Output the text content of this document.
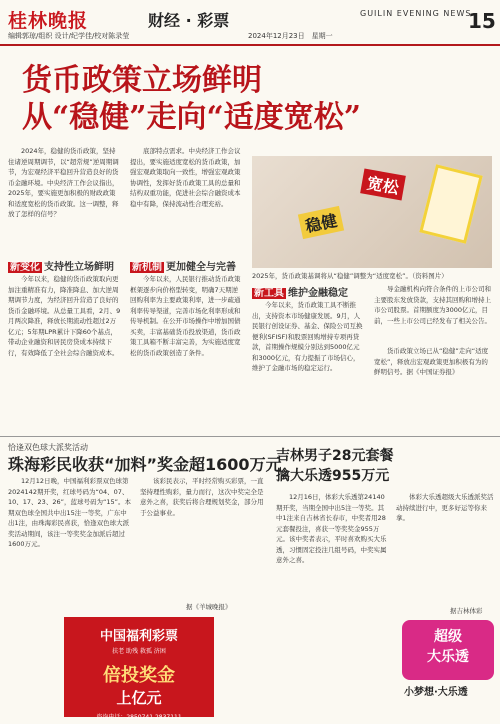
桂林晚报	财经 · 彩票
编辑郭琼/组织 设计/纪学佳/校对陈录莹	2024年12月23日　星期一
GUILIN EVENING NEWS
15
货币政策立场鲜明
从“稳健”走向“适度宽松”
2024年，稳健的货币政策，坚持住诸逆周期调节，以“超常规”逆周期调节，为宏观经济平稳回升营造良好的货币金融环境。中央经济工作会议指出，2025年，要实施更加积极的财政政策和适度宽松的货币政策。这一调整，释放了怎样的信号？
底部特点需求。中央经济工作会议提出，要实施适度宽松的货币政策，加强宏观政策取向一致性，增强宏观政策协调性，发挥好货币政策工具的总量和结构双重功能，促进社会综合融资成本稳中有降，保持流动性合理充裕。
新变化 支持性立场鲜明
今年以来，稳健的货币政策取向更加注重精准有力，降准降息、加大逆周期调节力度，为经济回升营造了良好的货币金融环境。从总量工具看，2月、9月两次降准，释放长期流动性超过2万亿元；5年期LPR累计下降60个基点，带动企业融资和居民房贷成本持续下行，有效降低了全社会综合融资成本。
新机制 更加健全与完善
今年以来，人民银行推动货币政策框架逐步向价格型转变，明确7天期逆回购利率为主要政策利率，进一步疏通利率传导渠道，完善市场化利率形成和传导机制。在公开市场操作中增加国债买卖，丰富基础货币投放渠道，货币政策工具箱不断丰富完善，为实施适度宽松的货币政策创造了条件。
宽松
稳健
2025年，货币政策基调将从“稳健”调整为“适度宽松”。（资料图片）
新工具 维护金融稳定
今年以来，货币政策工具不断推出，支持资本市场健康发展。9月，人民银行创设证券、基金、保险公司互换便利(SFISF)和股票回购增持专项再贷款，首期操作规模分别达到5000亿元和3000亿元，有力提振了市场信心，维护了金融市场的稳定运行。
导金融机构向符合条件的上市公司和主要股东发放贷款，支持其回购和增持上市公司股票。首期额度为3000亿元，目前，一些上市公司已经发布了相关公告。
货币政策立场已从“稳健”走向“适度宽松”，释放出宏观政策更加积极有为的鲜明信号。据《中国证券报》
恰逢双色球大派奖活动
珠海彩民收获“加料”奖金超1600万元
12月12日晚，中国福利彩票双色球第2024142期开奖，红球号码为“04、07、10、17、23、26”，蓝球号码为“15”。本期双色球全国共中出15注一等奖，广东中出1注，由珠海彩民喜获，恰逢双色球大派奖活动期间，该注一等奖奖金加派后超过1600万元。
该彩民表示，平时经常购买彩票，一直坚持理性购彩，量力而行，这次中奖完全是意外之喜，获奖后将合理规划奖金，部分用于公益事业。
据《羊城晚报》
中国福利彩票
扶老 助残 救孤 济困
倍投奖金
上亿元
咨询电话：2850741 2837111
吉林男子28元套餐
擒大乐透955万元
12月16日，体彩大乐透第24140期开奖，当期全国中出5注一等奖。其中1注来自吉林省长春市，中奖者用28元套餐投注，喜获一等奖奖金955万元。该中奖者表示，平时喜欢购买大乐透，习惯固定投注几组号码，中奖实属意外之喜。
体彩大乐透超级大乐透派奖活动持续进行中，更多好运等你来拿。
据吉林体彩
超级
大乐透
小梦想·大乐透
